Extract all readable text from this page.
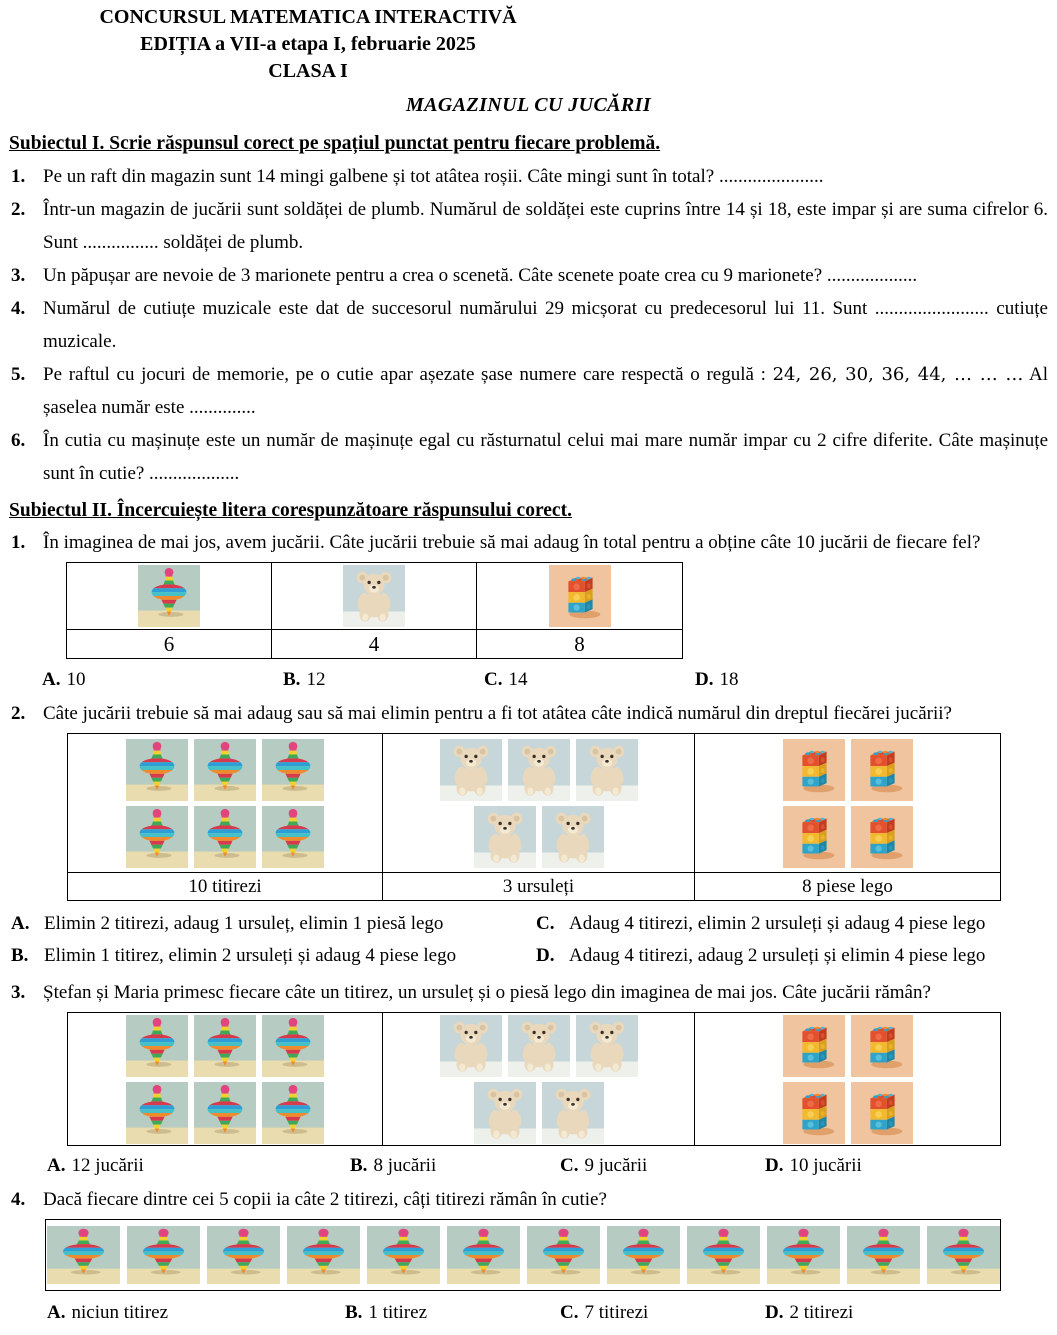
CONCURSUL MATEMATICA INTERACTIVĂ
EDIȚIA a VII-a etapa I, februarie 2025
CLASA I
MAGAZINUL CU JUCĂRII
Subiectul I. Scrie răspunsul corect pe spațiul punctat pentru fiecare problemă.
1. Pe un raft din magazin sunt 14 mingi galbene și tot atâtea roșii. Câte mingi sunt în total? ......................
2. Într-un magazin de jucării sunt soldăței de plumb. Numărul de soldăței este cuprins între 14 și 18, este impar și are suma cifrelor 6. Sunt ................ soldăței de plumb.
3. Un păpușar are nevoie de 3 marionete pentru a crea o scenetă. Câte scenete poate crea cu 9 marionete? ...................
4. Numărul de cutiuțe muzicale este dat de succesorul numărului 29 micșorat cu predecesorul lui 11. Sunt ........................ cutiuțe muzicale.
5. Pe raftul cu jocuri de memorie, pe o cutie apar așezate șase numere care respectă o regulă : 24, 26, 30, 36, 44, … … … Al șaselea număr este ..............
6. În cutia cu mașinuțe este un număr de mașinuțe egal cu răsturnatul celui mai mare număr impar cu 2 cifre diferite. Câte mașinuțe sunt în cutie? ...................
Subiectul II. Încercuiește litera corespunzătoare răspunsului corect.
1. În imaginea de mai jos, avem jucării. Câte jucării trebuie să mai adaug în total pentru a obține câte 10 jucării de fiecare fel?

6	4	8
A. 10	B. 12	C. 14	D. 18
2. Câte jucării trebuie să mai adaug sau să mai elimin pentru a fi tot atâtea câte indică numărul din dreptul fiecărei jucării?

10 titirezi	3 ursuleți	8 piese lego
A. Elimin 2 titirezi, adaug 1 ursuleț, elimin 1 piesă lego	C. Adaug 4 titirezi, elimin 2 ursuleți și adaug 4 piese lego
B. Elimin 1 titirez, elimin 2 ursuleți și adaug 4 piese lego	D. Adaug 4 titirezi, adaug 2 ursuleți și elimin 4 piese lego
3. Ștefan și Maria primesc fiecare câte un titirez, un ursuleț și o piesă lego din imaginea de mai jos. Câte jucării rămân?

A. 12 jucării	B. 8 jucării	C. 9 jucării	D. 10 jucării
4. Dacă fiecare dintre cei 5 copii ia câte 2 titirezi, câți titirezi rămân în cutie?
A. niciun titirez	B. 1 titirez	C. 7 titirezi	D. 2 titirezi
